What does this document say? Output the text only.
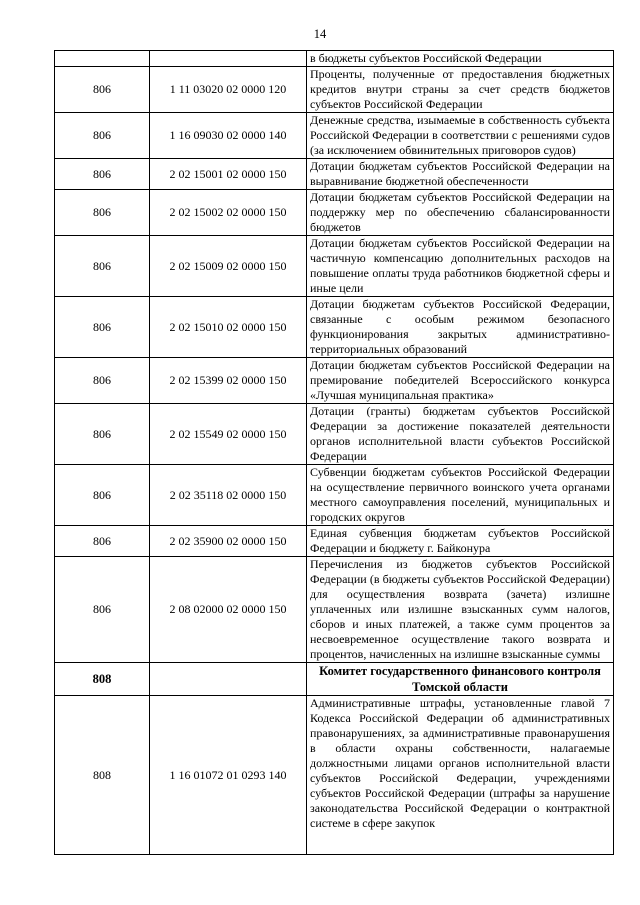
14
		в бюджеты субъектов Российской Федерации
806	1 11 03020 02 0000 120	Проценты, полученные от предоставления бюджетных кредитов внутри страны за счет средств бюджетов субъектов Российской Федерации
806	1 16 09030 02 0000 140	Денежные средства, изымаемые в собственность субъекта Российской Федерации в соответствии с решениями судов (за исключением обвинительных приговоров судов)
806	2 02 15001 02 0000 150	Дотации бюджетам субъектов Российской Федерации на выравнивание бюджетной обеспеченности
806	2 02 15002 02 0000 150	Дотации бюджетам субъектов Российской Федерации на поддержку мер по обеспечению сбалансированности бюджетов
806	2 02 15009 02 0000 150	Дотации бюджетам субъектов Российской Федерации на частичную компенсацию дополнительных расходов на повышение оплаты труда работников бюджетной сферы и иные цели
806	2 02 15010 02 0000 150	Дотации бюджетам субъектов Российской Федерации, связанные с особым режимом безопасного функционирования закрытых административно-территориальных образований
806	2 02 15399 02 0000 150	Дотации бюджетам субъектов Российской Федерации на премирование победителей Всероссийского конкурса «Лучшая муниципальная практика»
806	2 02 15549 02 0000 150	Дотации (гранты) бюджетам субъектов Российской Федерации за достижение показателей деятельности органов исполнительной власти субъектов Российской Федерации
806	2 02 35118 02 0000 150	Субвенции бюджетам субъектов Российской Федерации на осуществление первичного воинского учета органами местного самоуправления поселений, муниципальных и городских округов
806	2 02 35900 02 0000 150	Единая субвенция бюджетам субъектов Российской Федерации и бюджету г. Байконура
806	2 08 02000 02 0000 150	Перечисления из бюджетов субъектов Российской Федерации (в бюджеты субъектов Российской Федерации) для осуществления возврата (зачета) излишне уплаченных или излишне взысканных сумм налогов, сборов и иных платежей, а также сумм процентов за несвоевременное осуществление такого возврата и процентов, начисленных на излишне взысканные суммы
808		Комитет государственного финансового контроля Томской области
808	1 16 01072 01 0293 140	Административные штрафы, установленные главой 7 Кодекса Российской Федерации об административных правонарушениях, за административные правонарушения в области охраны собственности, налагаемые должностными лицами органов исполнительной власти субъектов Российской Федерации, учреждениями субъектов Российской Федерации (штрафы за нарушение законодательства Российской Федерации о контрактной системе в сфере закупок
